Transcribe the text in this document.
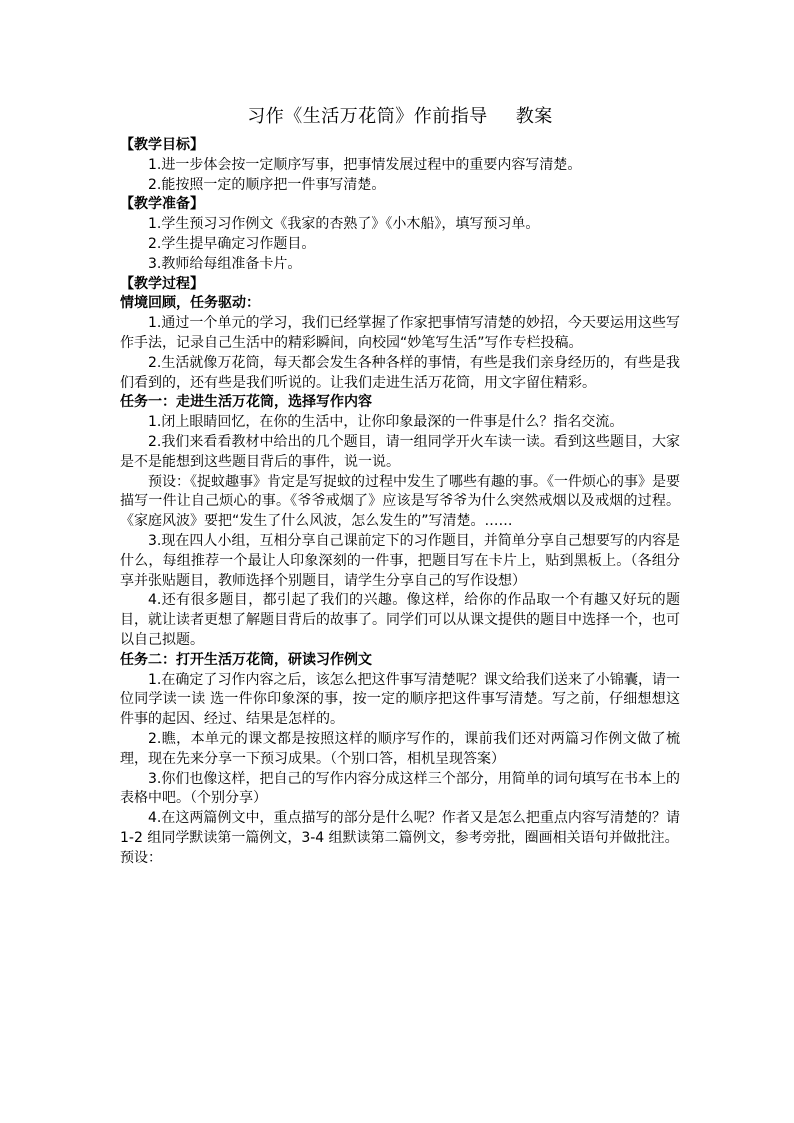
习作《生活万花筒》作前指导 教案
【教学目标】
1.进一步体会按一定顺序写事，把事情发展过程中的重要内容写清楚。
2.能按照一定的顺序把一件事写清楚。
【教学准备】
1.学生预习习作例文《我家的杏熟了》《小木船》，填写预习单。
2.学生提早确定习作题目。
3.教师给每组准备卡片。
【教学过程】
情境回顾，任务驱动：
1.通过一个单元的学习，我们已经掌握了作家把事情写清楚的妙招，今天要运用这些写作手法，记录自己生活中的精彩瞬间，向校园“妙笔写生活”写作专栏投稿。
2.生活就像万花筒，每天都会发生各种各样的事情，有些是我们亲身经历的，有些是我们看到的，还有些是我们听说的。让我们走进生活万花筒，用文字留住精彩。
任务一：走进生活万花筒，选择写作内容
1.闭上眼睛回忆，在你的生活中，让你印象最深的一件事是什么？指名交流。
2.我们来看看教材中给出的几个题目，请一组同学开火车读一读。看到这些题目，大家是不是能想到这些题目背后的事件，说一说。
预设：《捉蚊趣事》肯定是写捉蚊的过程中发生了哪些有趣的事。《一件烦心的事》是要描写一件让自己烦心的事。《爷爷戒烟了》应该是写爷爷为什么突然戒烟以及戒烟的过程。《家庭风波》要把“发生了什么风波，怎么发生的”写清楚。……
3.现在四人小组，互相分享自己课前定下的习作题目，并简单分享自己想要写的内容是什么，每组推荐一个最让人印象深刻的一件事，把题目写在卡片上，贴到黑板上。（各组分享并张贴题目，教师选择个别题目，请学生分享自己的写作设想）
4.还有很多题目，都引起了我们的兴趣。像这样，给你的作品取一个有趣又好玩的题目，就让读者更想了解题目背后的故事了。同学们可以从课文提供的题目中选择一个，也可以自己拟题。
任务二：打开生活万花筒，研读习作例文
1.在确定了习作内容之后，该怎么把这件事写清楚呢？课文给我们送来了小锦囊，请一位同学读一读 选一件你印象深的事，按一定的顺序把这件事写清楚。写之前，仔细想想这件事的起因、经过、结果是怎样的。
2.瞧，本单元的课文都是按照这样的顺序写作的，课前我们还对两篇习作例文做了梳理，现在先来分享一下预习成果。（个别口答，相机呈现答案）
3.你们也像这样，把自己的写作内容分成这样三个部分，用简单的词句填写在书本上的表格中吧。（个别分享）
4.在这两篇例文中，重点描写的部分是什么呢？作者又是怎么把重点内容写清楚的？请 1-2 组同学默读第一篇例文，3-4 组默读第二篇例文，参考旁批，圈画相关语句并做批注。
预设：
